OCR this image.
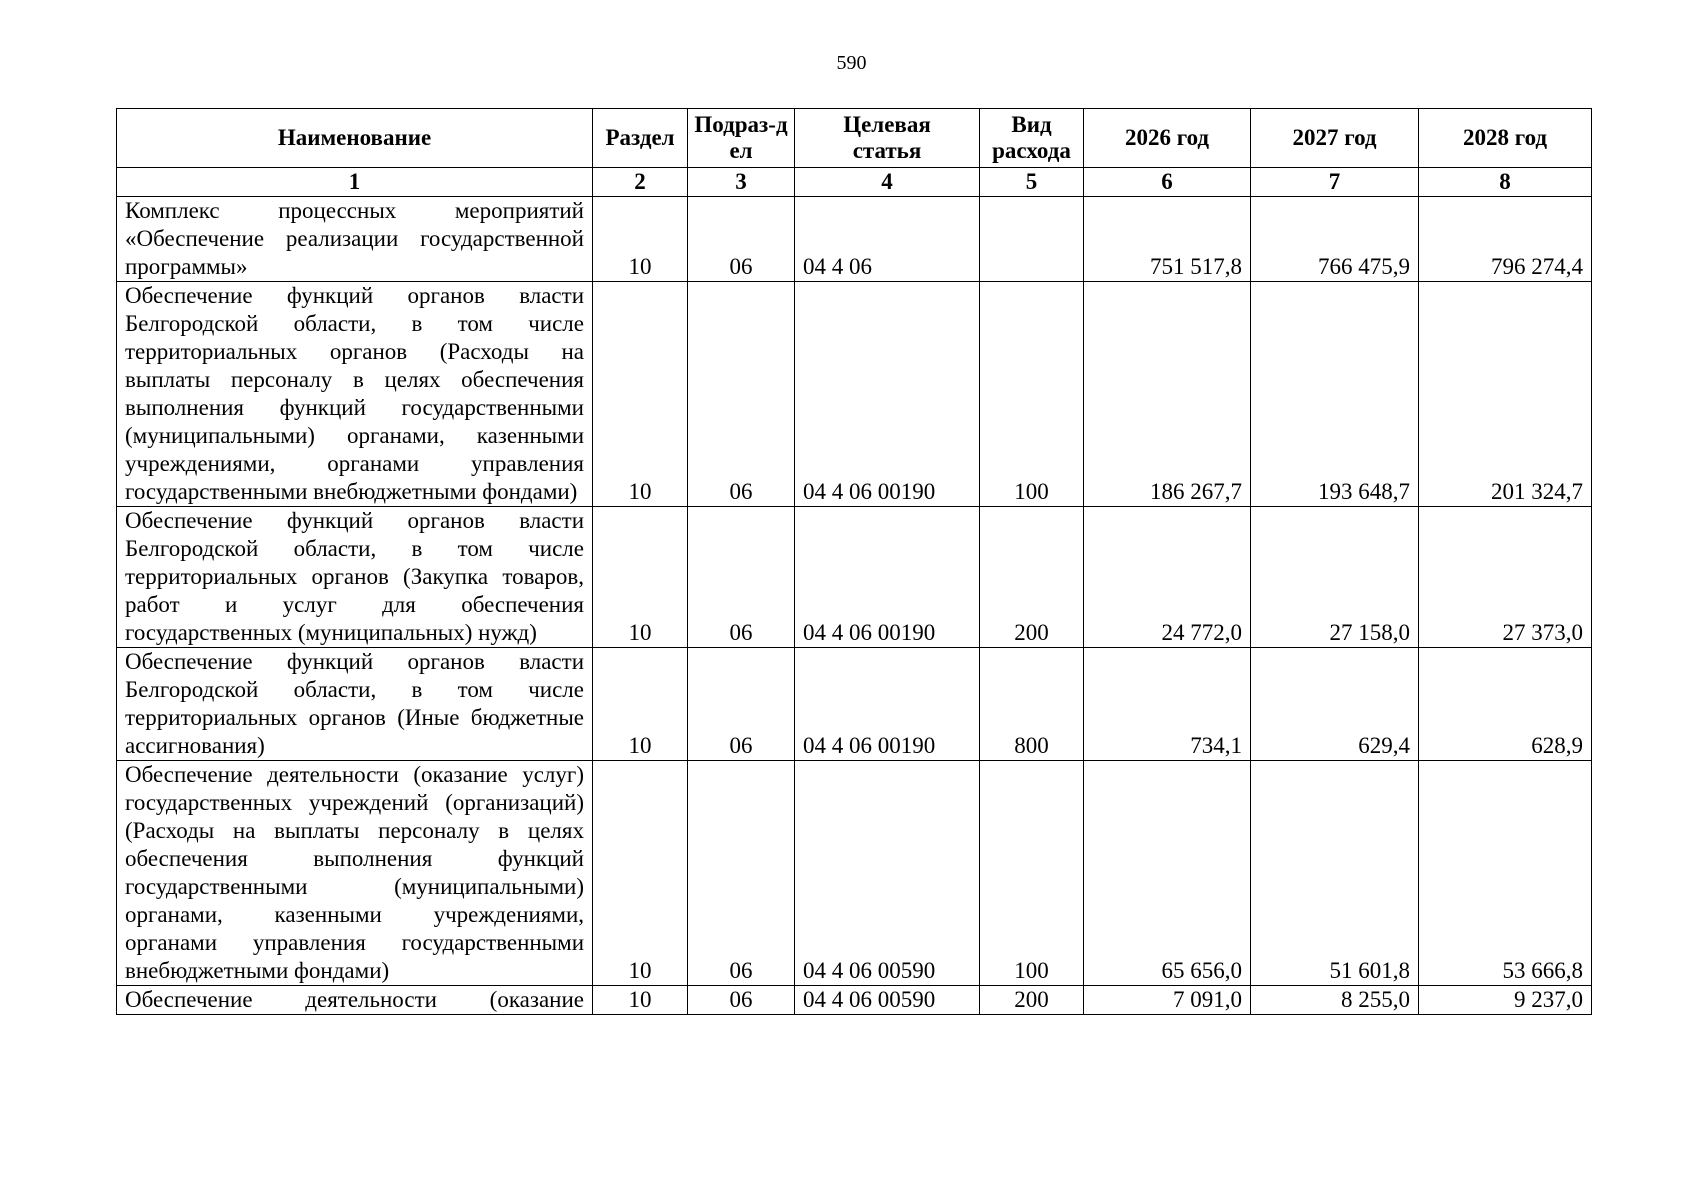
590
Наименование	Раздел	Подраз-дел	Целевая статья	Вид расхода	2026 год	2027 год	2028 год
1	2	3	4	5	6	7	8
Комплекс процессных мероприятий «Обеспечение реализации государственной программы»	10	06	04 4 06		751 517,8	766 475,9	796 274,4
Обеспечение функций органов власти Белгородской области, в том числе территориальных органов (Расходы на выплаты персоналу в целях обеспечения выполнения функций государственными (муниципальными) органами, казенными учреждениями, органами управления государственными внебюджетными фондами)	10	06	04 4 06 00190	100	186 267,7	193 648,7	201 324,7
Обеспечение функций органов власти Белгородской области, в том числе территориальных органов (Закупка товаров, работ и услуг для обеспечения государственных (муниципальных) нужд)	10	06	04 4 06 00190	200	24 772,0	27 158,0	27 373,0
Обеспечение функций органов власти Белгородской области, в том числе территориальных органов (Иные бюджетные ассигнования)	10	06	04 4 06 00190	800	734,1	629,4	628,9
Обеспечение деятельности (оказание услуг) государственных учреждений (организаций) (Расходы на выплаты персоналу в целях обеспечения выполнения функций государственными (муниципальными) органами, казенными учреждениями, органами управления государственными внебюджетными фондами)	10	06	04 4 06 00590	100	65 656,0	51 601,8	53 666,8
Обеспечение деятельности (оказание	10	06	04 4 06 00590	200	7 091,0	8 255,0	9 237,0
